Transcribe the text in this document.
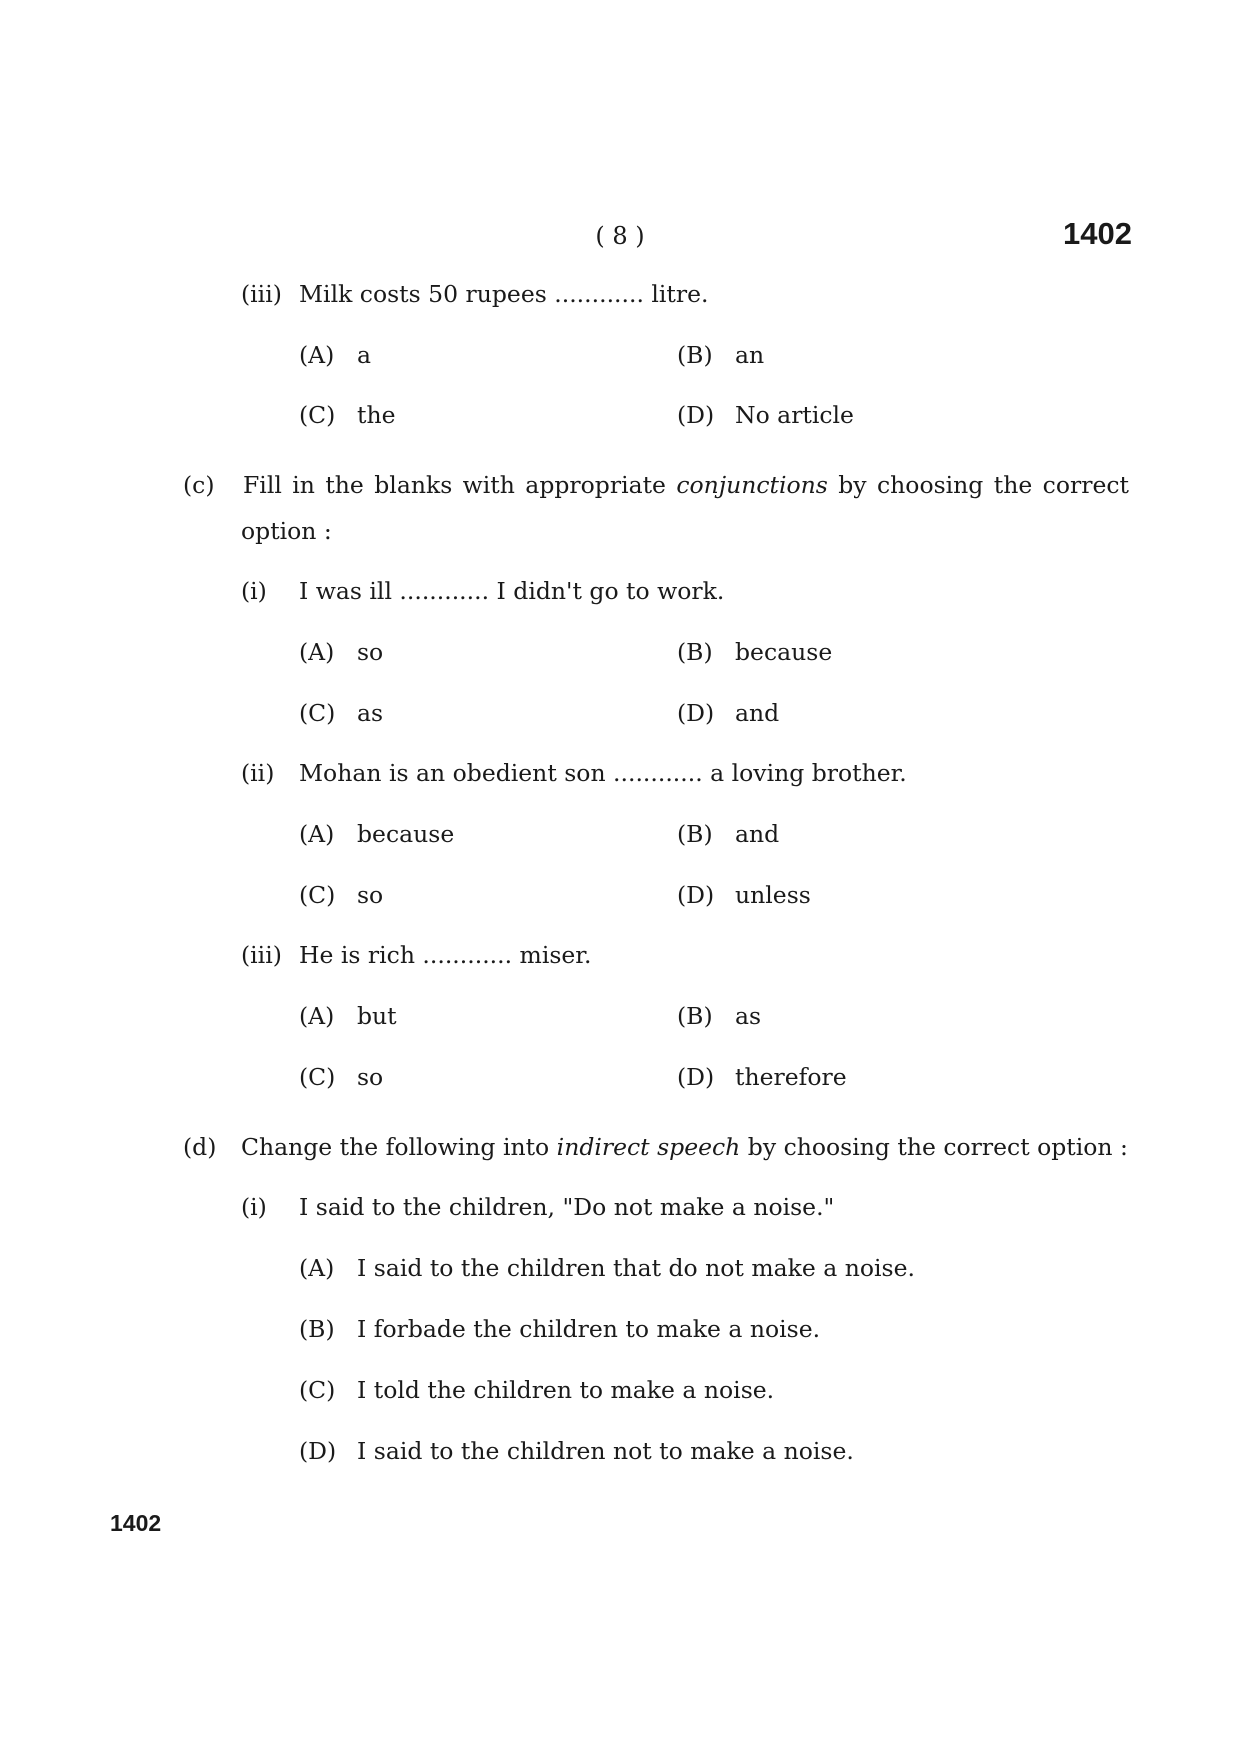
( 8 )	1402
(iii) Milk costs 50 rupees ............ litre.
(A) a	(B) an
(C) the	(D) No article
(c) Fill in the blanks with appropriate conjunctions by choosing the correct
option :
(i) I was ill ............ I didn't go to work.
(A) so	(B) because
(C) as	(D) and
(ii) Mohan is an obedient son ............ a loving brother.
(A) because	(B) and
(C) so	(D) unless
(iii) He is rich ............ miser.
(A) but	(B) as
(C) so	(D) therefore
(d) Change the following into indirect speech by choosing the correct option :
(i) I said to the children, "Do not make a noise."
(A) I said to the children that do not make a noise.
(B) I forbade the children to make a noise.
(C) I told the children to make a noise.
(D) I said to the children not to make a noise.
1402
